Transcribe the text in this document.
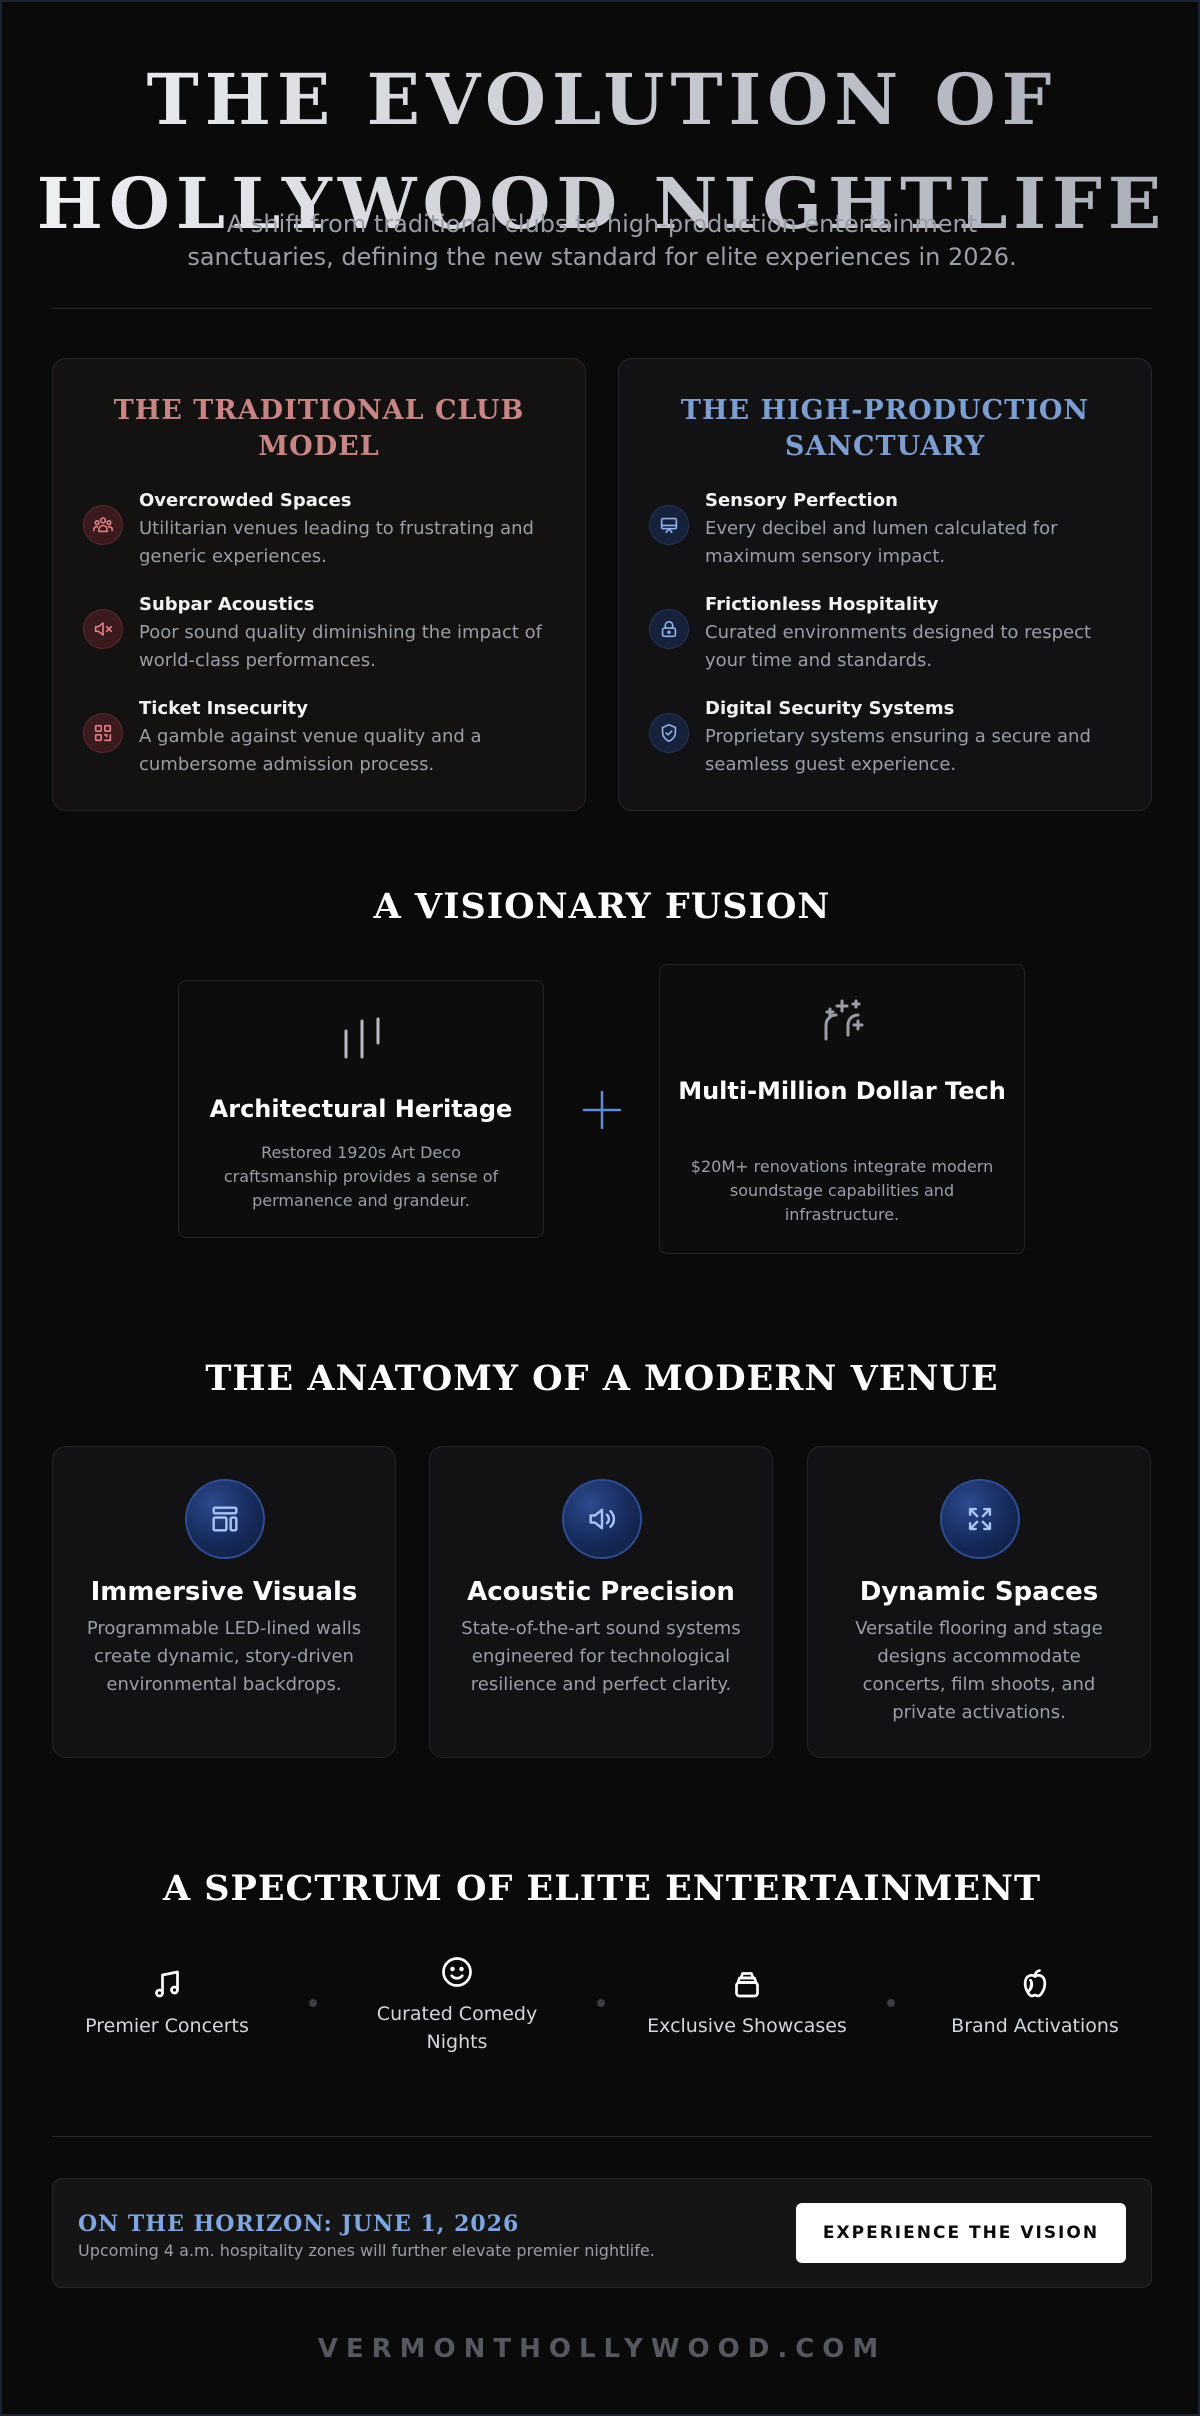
THE EVOLUTION OF
HOLLYWOOD NIGHTLIFE

A shift from traditional clubs to high-production entertainment
sanctuaries, defining the new standard for elite experiences in 2026.

THE TRADITIONAL CLUB MODEL
Overcrowded Spaces
Utilitarian venues leading to frustrating and generic experiences.
Subpar Acoustics
Poor sound quality diminishing the impact of world-class performances.
Ticket Insecurity
A gamble against venue quality and a cumbersome admission process.
THE HIGH-PRODUCTION SANCTUARY
Sensory Perfection
Every decibel and lumen calculated for maximum sensory impact.
Frictionless Hospitality
Curated environments designed to respect your time and standards.
Digital Security Systems
Proprietary systems ensuring a secure and seamless guest experience.
A VISIONARY FUSION
Architectural Heritage
Restored 1920s Art Deco craftsmanship provides a sense of permanence and grandeur.
Multi-Million Dollar Tech
$20M+ renovations integrate modern soundstage capabilities and infrastructure.
THE ANATOMY OF A MODERN VENUE
Immersive Visuals
Programmable LED-lined walls create dynamic, story-driven environmental backdrops.
Acoustic Precision
State-of-the-art sound systems engineered for technological resilience and perfect clarity.
Dynamic Spaces
Versatile flooring and stage designs accommodate concerts, film shoots, and private activations.
A SPECTRUM OF ELITE ENTERTAINMENT
Premier Concerts
Curated Comedy Nights
Exclusive Showcases	Brand Activations
ON THE HORIZON: JUNE 1, 2026
Upcoming 4 a.m. hospitality zones will further elevate premier nightlife.
EXPERIENCE THE VISION
VERMONTHOLLYWOOD.COM
